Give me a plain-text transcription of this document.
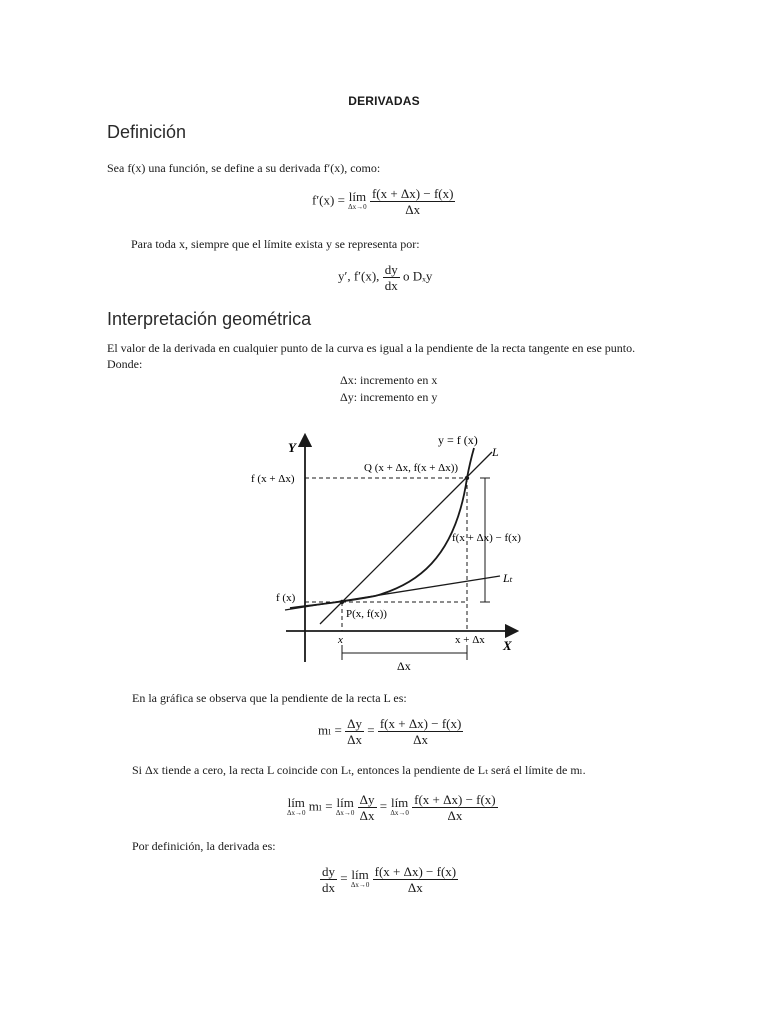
DERIVADAS
Definición
Sea f(x) una función, se define a su derivada f′(x), como:
f′(x) = lím
Δx→0
$\frac{f(x + \Delta x) - f(x)}{\Delta x}$
Para toda x, siempre que el límite exista y se representa por:
y′, f′(x), $\frac{dy}{dx}$ o Dₓy
Interpretación geométrica
El valor de la derivada en cualquier punto de la curva es igual a la pendiente de la recta tangente en ese punto.
Donde:
Δx: incremento en x
Δy: incremento en y
Y
X
y = f (x)
L
Lₜ
Q (x + Δx, f(x + Δx))
P(x, f(x))
f (x + Δx)
f (x)
f(x + Δx) − f(x)
x	x + Δx
Δx
En la gráfica se observa que la pendiente de la recta L es:
$m_l = \frac{\Delta y}{\Delta x} = \frac{f(x + \Delta x) - f(x)}{\Delta x}$
Si Δx tiende a cero, la recta L coincide con Lₜ, entonces la pendiente de Lₜ será el límite de mₗ.
lím
Δx→0 mₗ = lím
Δx→0
$\frac{\Delta y}{\Delta x}$ = lím
Δx→0
$\frac{f(x + \Delta x) - f(x)}{\Delta x}$
Por definición, la derivada es:
$\frac{dy}{dx}$ = lím
Δx→0
$\frac{f(x + \Delta x) - f(x)}{\Delta x}$
